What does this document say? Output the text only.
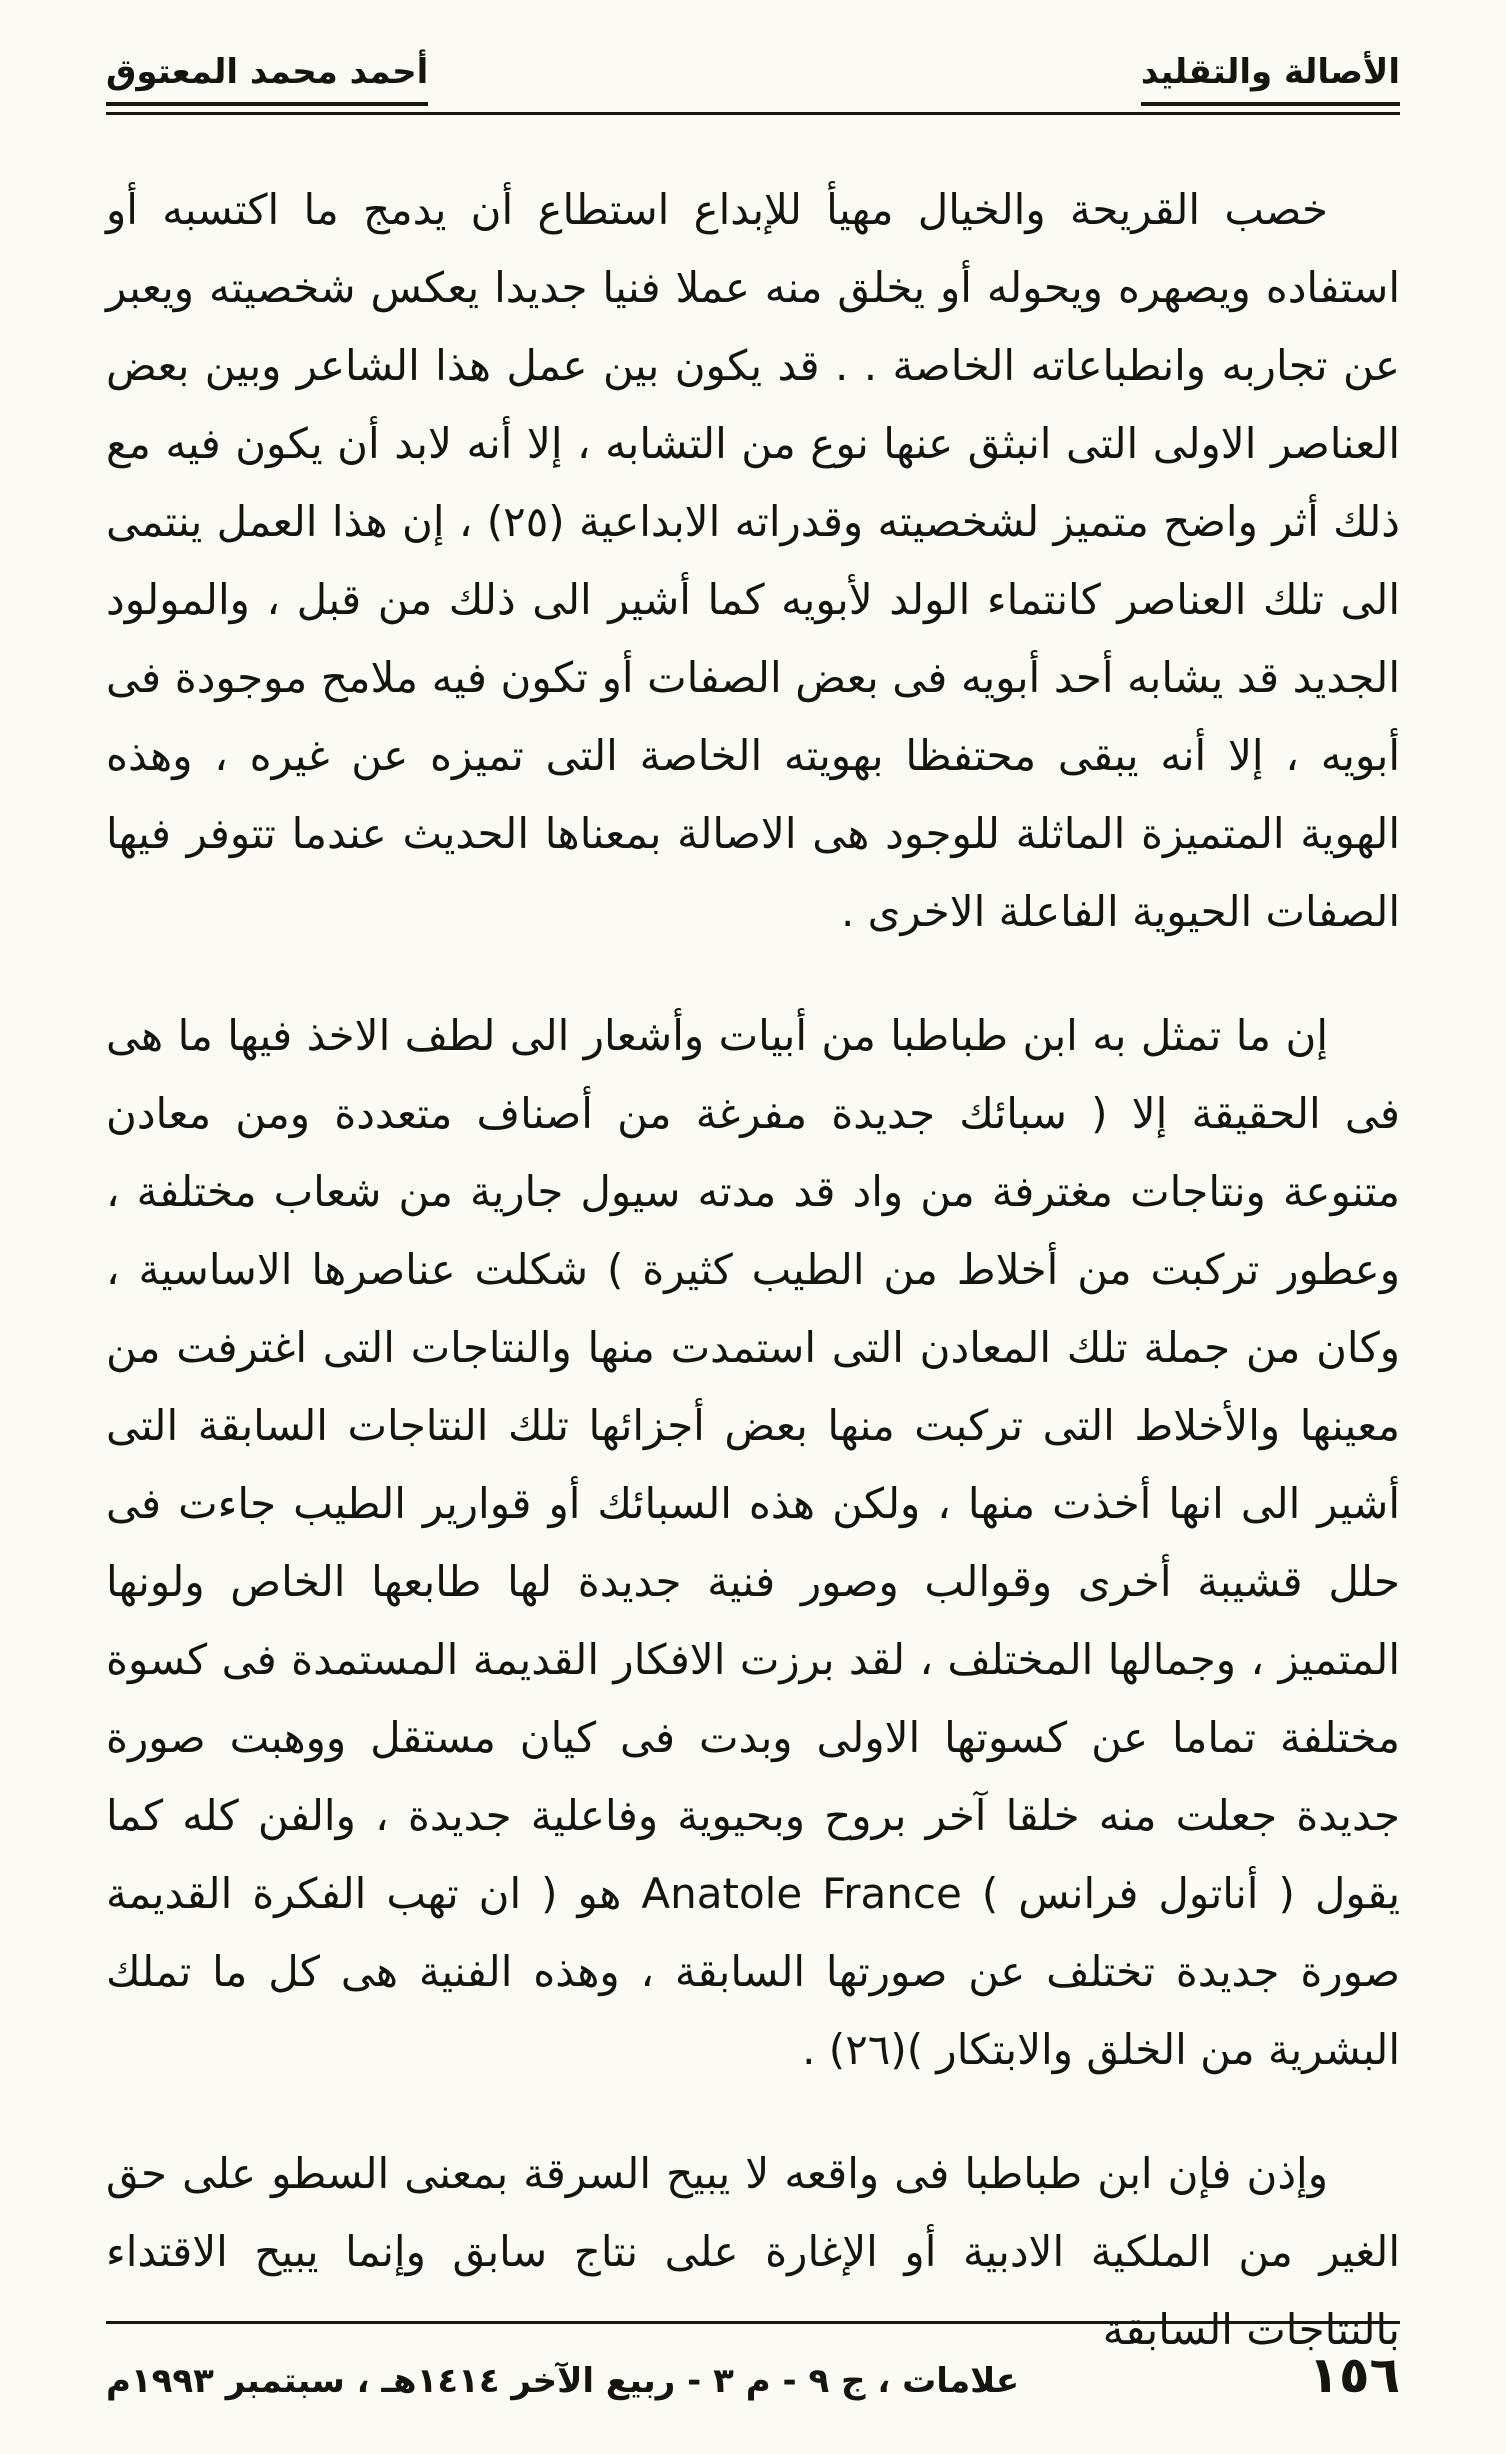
الأصالة والتقليد
أحمد محمد المعتوق

خصب القريحة والخيال مهيأ للإبداع استطاع أن يدمج ما اكتسبه أو استفاده ويصهره ويحوله أو يخلق منه عملا فنيا جديدا يعكس شخصيته ويعبر عن تجاربه وانطباعاته الخاصة . . قد يكون بين عمل هذا الشاعر وبين بعض العناصر الاولى التى انبثق عنها نوع من التشابه ، إلا أنه لابد أن يكون فيه مع ذلك أثر واضح متميز لشخصيته وقدراته الابداعية (٢٥) ، إن هذا العمل ينتمى الى تلك العناصر كانتماء الولد لأبويه كما أشير الى ذلك من قبل ، والمولود الجديد قد يشابه أحد أبويه فى بعض الصفات أو تكون فيه ملامح موجودة فى أبويه ، إلا أنه يبقى محتفظا بهويته الخاصة التى تميزه عن غيره ، وهذه الهوية المتميزة الماثلة للوجود هى الاصالة بمعناها الحديث عندما تتوفر فيها الصفات الحيوية الفاعلة الاخرى .

إن ما تمثل به ابن طباطبا من أبيات وأشعار الى لطف الاخذ فيها ما هى فى الحقيقة إلا ( سبائك جديدة مفرغة من أصناف متعددة ومن معادن متنوعة ونتاجات مغترفة من واد قد مدته سيول جارية من شعاب مختلفة ، وعطور تركبت من أخلاط من الطيب كثيرة ) شكلت عناصرها الاساسية ، وكان من جملة تلك المعادن التى استمدت منها والنتاجات التى اغترفت من معينها والأخلاط التى تركبت منها بعض أجزائها تلك النتاجات السابقة التى أشير الى انها أخذت منها ، ولكن هذه السبائك أو قوارير الطيب جاءت فى حلل قشيبة أخرى وقوالب وصور فنية جديدة لها طابعها الخاص ولونها المتميز ، وجمالها المختلف ، لقد برزت الافكار القديمة المستمدة فى كسوة مختلفة تماما عن كسوتها الاولى وبدت فى كيان مستقل ووهبت صورة جديدة جعلت منه خلقا آخر بروح وبحيوية وفاعلية جديدة ، والفن كله كما يقول ( أناتول فرانس ) Anatole France هو ( ان تهب الفكرة القديمة صورة جديدة تختلف عن صورتها السابقة ، وهذه الفنية هى كل ما تملك البشرية من الخلق والابتكار )(٢٦) .

وإذن فإن ابن طباطبا فى واقعه لا يبيح السرقة بمعنى السطو على حق الغير من الملكية الادبية أو الإغارة على نتاج سابق وإنما يبيح الاقتداء بالنتاجات السابقة

١٥٦
علامات ، ج ٩ - م ٣ - ربيع الآخر ١٤١٤هـ ، سبتمبر ١٩٩٣م
